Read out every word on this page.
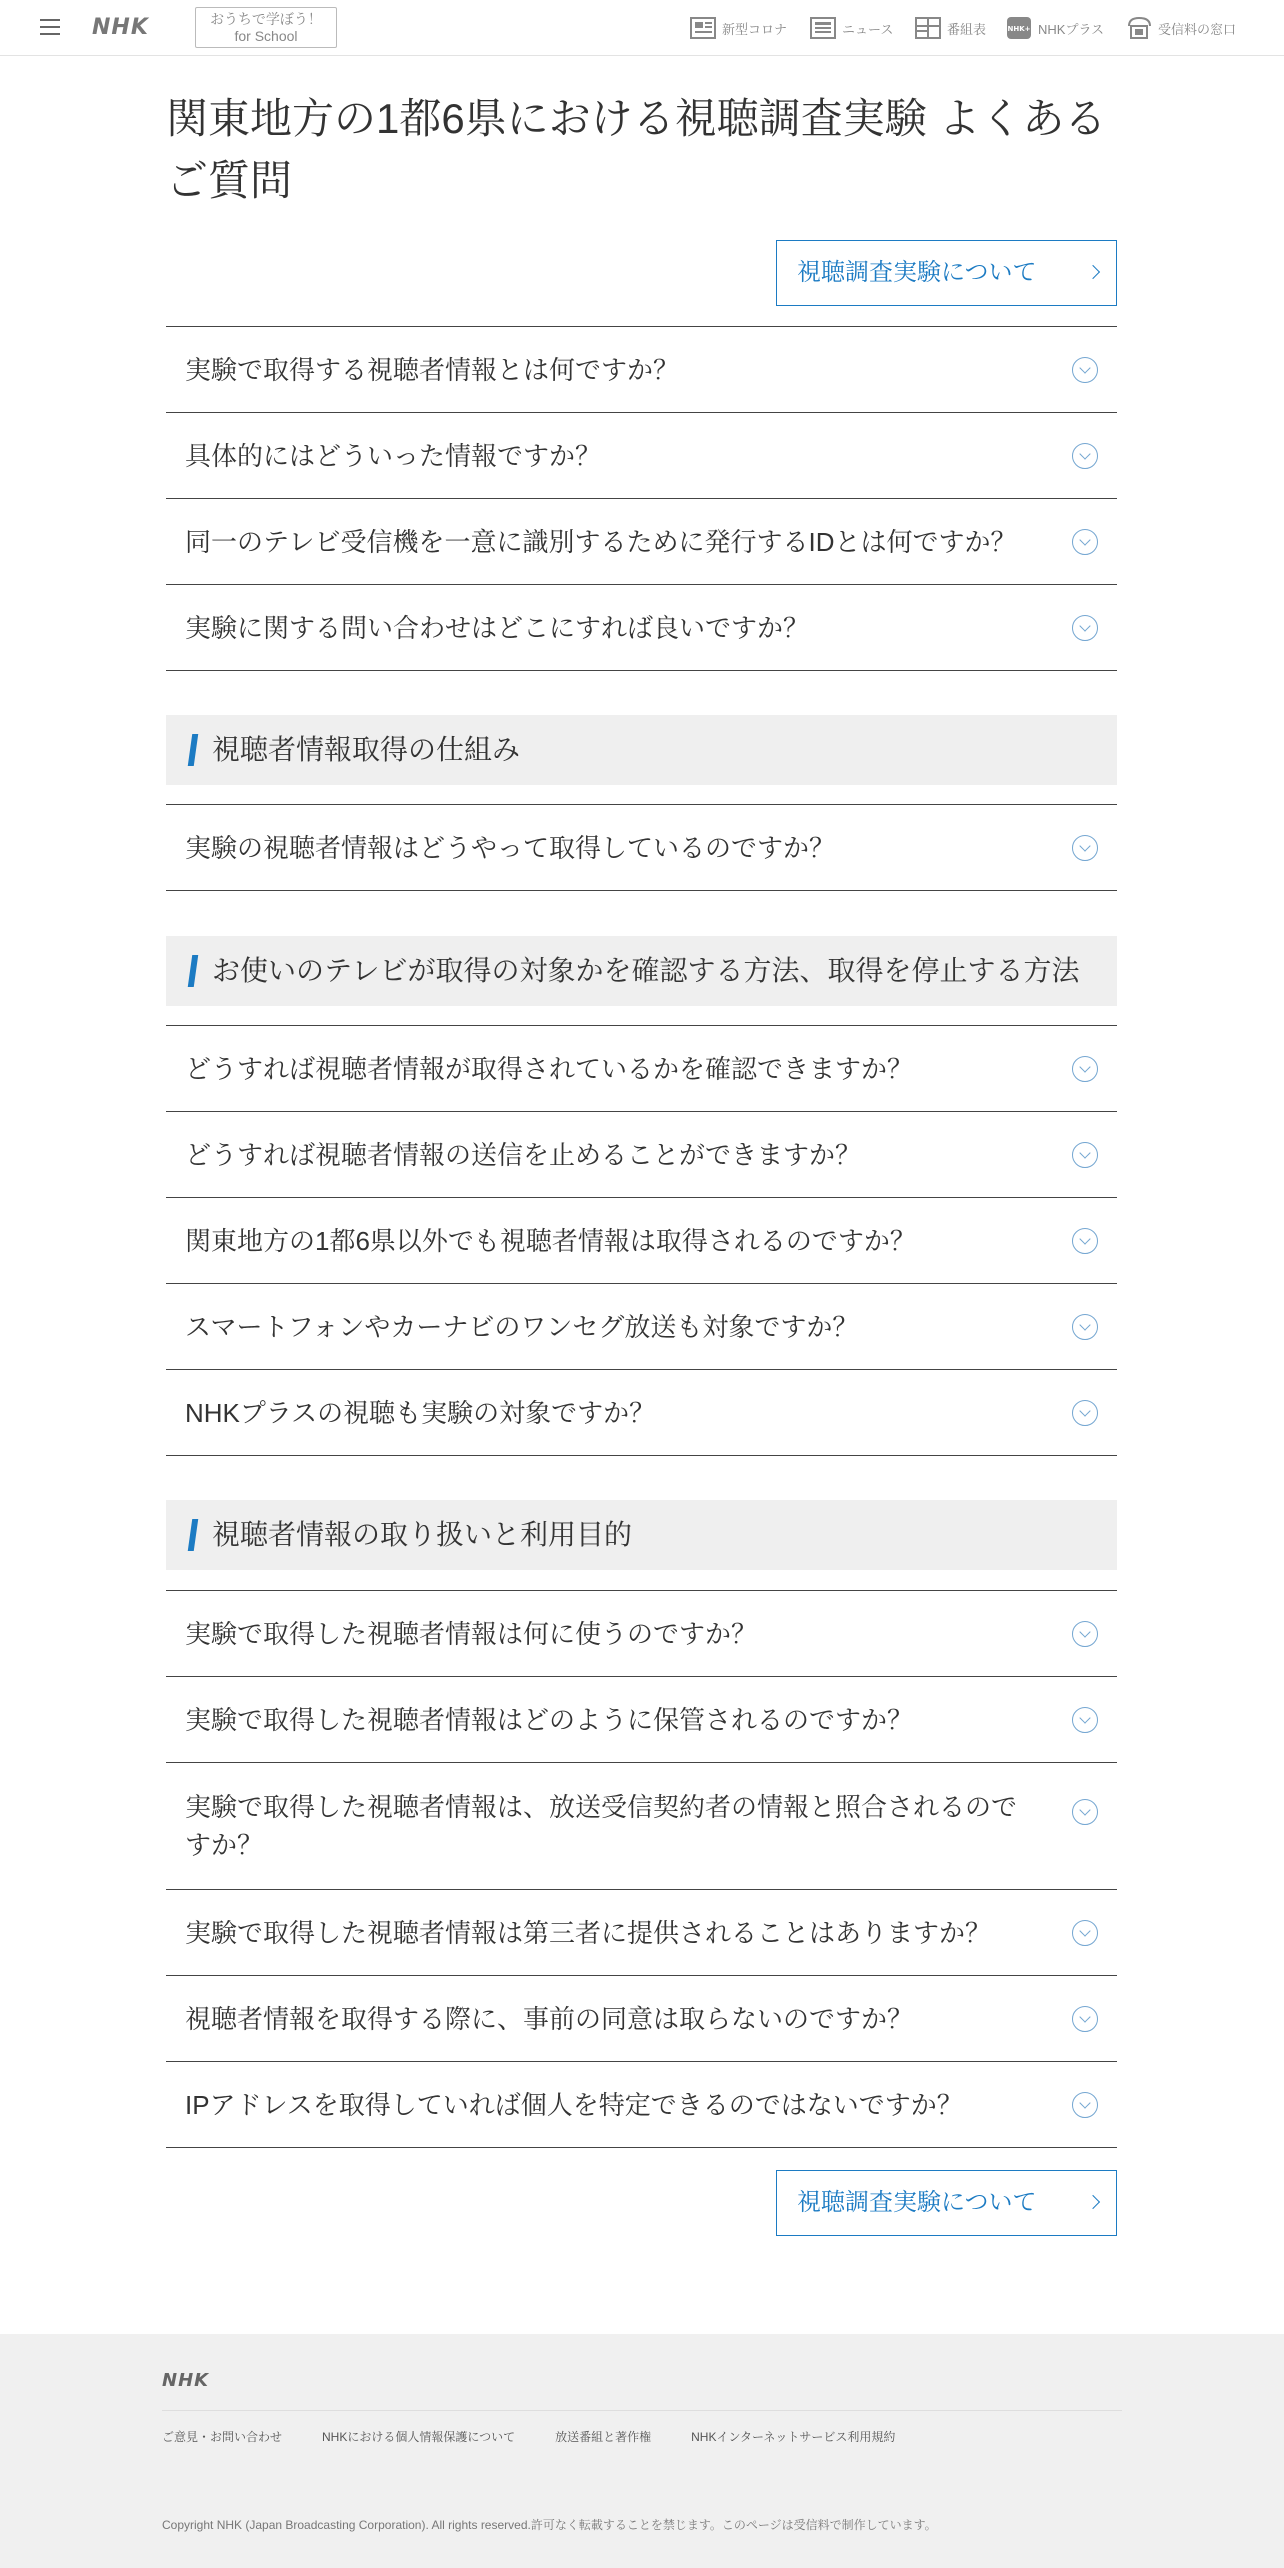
NHK	おうちで学ぼう！
for School	新型コロナ	ニュース	番組表	NHK+ NHKプラス	受信料の窓口
関東地方の1都6県における視聴調査実験 よくあるご質問
視聴調査実験について
実験で取得する視聴者情報とは何ですか？
具体的にはどういった情報ですか？
同一のテレビ受信機を一意に識別するために発行するIDとは何ですか？
実験に関する問い合わせはどこにすれば良いですか？
視聴者情報取得の仕組み
実験の視聴者情報はどうやって取得しているのですか？
お使いのテレビが取得の対象かを確認する方法、取得を停止する方法
どうすれば視聴者情報が取得されているかを確認できますか？
どうすれば視聴者情報の送信を止めることができますか？
関東地方の1都6県以外でも視聴者情報は取得されるのですか？
スマートフォンやカーナビのワンセグ放送も対象ですか？
NHKプラスの視聴も実験の対象ですか？
視聴者情報の取り扱いと利用目的
実験で取得した視聴者情報は何に使うのですか？
実験で取得した視聴者情報はどのように保管されるのですか？
実験で取得した視聴者情報は、放送受信契約者の情報と照合されるのですか？
実験で取得した視聴者情報は第三者に提供されることはありますか？
視聴者情報を取得する際に、事前の同意は取らないのですか？
IPアドレスを取得していれば個人を特定できるのではないですか？
視聴調査実験について
NHK
ご意見・お問い合わせ	NHKにおける個人情報保護について	放送番組と著作権	NHKインターネットサービス利用規約
Copyright NHK (Japan Broadcasting Corporation). All rights reserved.許可なく転載することを禁じます。このページは受信料で制作しています。
